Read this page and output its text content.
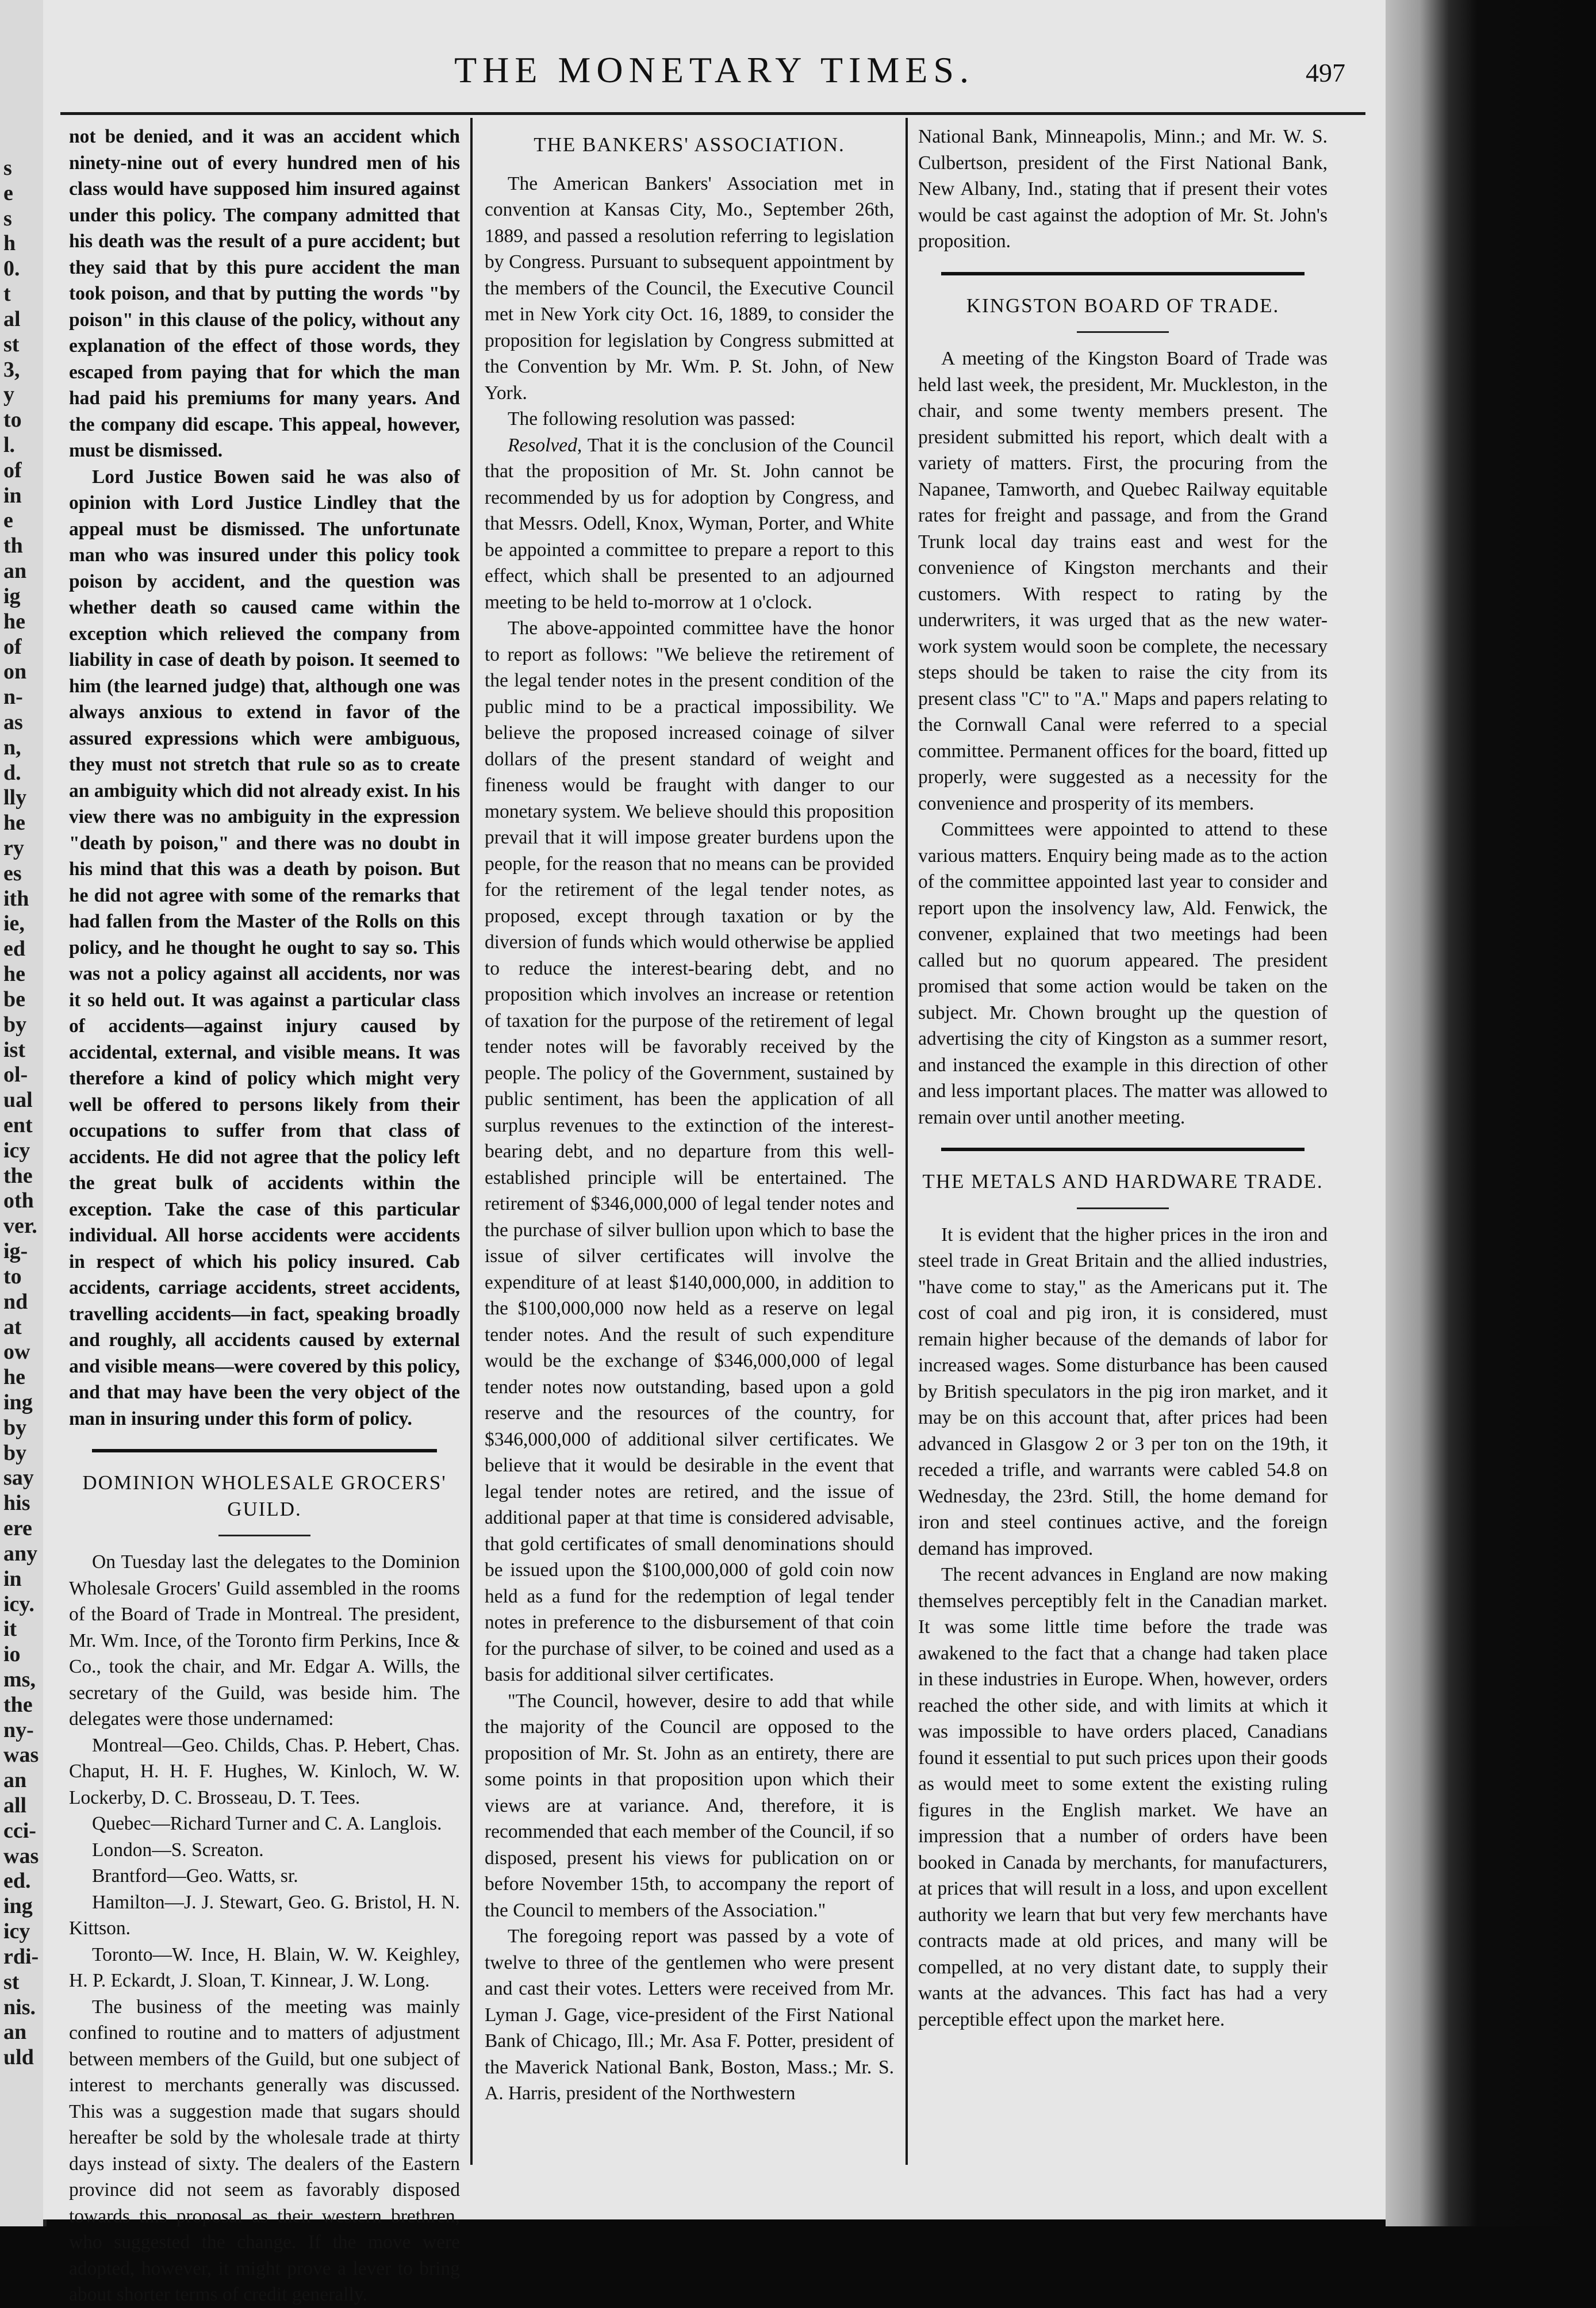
s
e
s
h
0.
t
al
st
3,
y
to
l.
of
in
e
th
an
ig
he
of
on
n-
as
n,
d.
lly
he
ry
es
ith
ie,
ed
he
be
by
ist
ol-
ual
ent
icy
the
oth
ver.
ig-
to
nd
at
ow
he
ing
by
by
say
his
ere
any
in
icy.
it
io
ms,
the
ny-
was
an
all
cci-
was
ed.
ing
icy
rdi-
st
nis.
an
uld
THE MONETARY TIMES.	497

not be denied, and it was an accident which ninety-nine out of every hundred men of his class would have supposed him insured against under this policy. The company admitted that his death was the result of a pure accident; but they said that by this pure accident the man took poison, and that by putting the words "by poison" in this clause of the policy, without any explanation of the effect of those words, they escaped from paying that for which the man had paid his premiums for many years. And the company did escape. This appeal, however, must be dismissed.

Lord Justice Bowen said he was also of opinion with Lord Justice Lindley that the appeal must be dismissed. The unfortunate man who was insured under this policy took poison by accident, and the question was whether death so caused came within the exception which relieved the company from liability in case of death by poison. It seemed to him (the learned judge) that, although one was always anxious to extend in favor of the assured expressions which were ambiguous, they must not stretch that rule so as to create an ambiguity which did not already exist. In his view there was no ambiguity in the expression "death by poison," and there was no doubt in his mind that this was a death by poison. But he did not agree with some of the remarks that had fallen from the Master of the Rolls on this policy, and he thought he ought to say so. This was not a policy against all accidents, nor was it so held out. It was against a particular class of accidents—against injury caused by accidental, external, and visible means. It was therefore a kind of policy which might very well be offered to persons likely from their occupations to suffer from that class of accidents. He did not agree that the policy left the great bulk of accidents within the exception. Take the case of this particular individual. All horse accidents were accidents in respect of which his policy insured. Cab accidents, carriage accidents, street accidents, travelling accidents—in fact, speaking broadly and roughly, all accidents caused by external and visible means—were covered by this policy, and that may have been the very object of the man in insuring under this form of policy.

DOMINION WHOLESALE GROCERS' GUILD.

On Tuesday last the delegates to the Dominion Wholesale Grocers' Guild assembled in the rooms of the Board of Trade in Montreal. The president, Mr. Wm. Ince, of the Toronto firm Perkins, Ince & Co., took the chair, and Mr. Edgar A. Wills, the secretary of the Guild, was beside him. The delegates were those undernamed:

Montreal—Geo. Childs, Chas. P. Hebert, Chas. Chaput, H. H. F. Hughes, W. Kinloch, W. W. Lockerby, D. C. Brosseau, D. T. Tees.

Quebec—Richard Turner and C. A. Langlois.

London—S. Screaton.

Brantford—Geo. Watts, sr.

Hamilton—J. J. Stewart, Geo. G. Bristol, H. N. Kittson.

Toronto—W. Ince, H. Blain, W. W. Keighley, H. P. Eckardt, J. Sloan, T. Kinnear, J. W. Long.

The business of the meeting was mainly confined to routine and to matters of adjustment between members of the Guild, but one subject of interest to merchants generally was discussed. This was a suggestion made that sugars should hereafter be sold by the wholesale trade at thirty days instead of sixty. The dealers of the Eastern province did not seem as favorably disposed towards this proposal as their western brethren, who suggested the change. If the move were adopted, however, it might prove a lever to bring about shorter terms of credit generally.

THE BANKERS' ASSOCIATION.

The American Bankers' Association met in convention at Kansas City, Mo., September 26th, 1889, and passed a resolution referring to legislation by Congress. Pursuant to subsequent appointment by the members of the Council, the Executive Council met in New York city Oct. 16, 1889, to consider the proposition for legislation by Congress submitted at the Convention by Mr. Wm. P. St. John, of New York.

The following resolution was passed:

Resolved, That it is the conclusion of the Council that the proposition of Mr. St. John cannot be recommended by us for adoption by Congress, and that Messrs. Odell, Knox, Wyman, Porter, and White be appointed a committee to prepare a report to this effect, which shall be presented to an adjourned meeting to be held to-morrow at 1 o'clock.

The above-appointed committee have the honor to report as follows: "We believe the retirement of the legal tender notes in the present condition of the public mind to be a practical impossibility. We believe the proposed increased coinage of silver dollars of the present standard of weight and fineness would be fraught with danger to our monetary system. We believe should this proposition prevail that it will impose greater burdens upon the people, for the reason that no means can be provided for the retirement of the legal tender notes, as proposed, except through taxation or by the diversion of funds which would otherwise be applied to reduce the interest-bearing debt, and no proposition which involves an increase or retention of taxation for the purpose of the retirement of legal tender notes will be favorably received by the people. The policy of the Government, sustained by public sentiment, has been the application of all surplus revenues to the extinction of the interest-bearing debt, and no departure from this well-established principle will be entertained. The retirement of $346,000,000 of legal tender notes and the purchase of silver bullion upon which to base the issue of silver certificates will involve the expenditure of at least $140,000,000, in addition to the $100,000,000 now held as a reserve on legal tender notes. And the result of such expenditure would be the exchange of $346,000,000 of legal tender notes now outstanding, based upon a gold reserve and the resources of the country, for $346,000,000 of additional silver certificates. We believe that it would be desirable in the event that legal tender notes are retired, and the issue of additional paper at that time is considered advisable, that gold certificates of small denominations should be issued upon the $100,000,000 of gold coin now held as a fund for the redemption of legal tender notes in preference to the disbursement of that coin for the purchase of silver, to be coined and used as a basis for additional silver certificates.

"The Council, however, desire to add that while the majority of the Council are opposed to the proposition of Mr. St. John as an entirety, there are some points in that proposition upon which their views are at variance. And, therefore, it is recommended that each member of the Council, if so disposed, present his views for publication on or before November 15th, to accompany the report of the Council to members of the Association."

The foregoing report was passed by a vote of twelve to three of the gentlemen who were present and cast their votes. Letters were received from Mr. Lyman J. Gage, vice-president of the First National Bank of Chicago, Ill.; Mr. Asa F. Potter, president of the Maverick National Bank, Boston, Mass.; Mr. S. A. Harris, president of the Northwestern

National Bank, Minneapolis, Minn.; and Mr. W. S. Culbertson, president of the First National Bank, New Albany, Ind., stating that if present their votes would be cast against the adoption of Mr. St. John's proposition.

KINGSTON BOARD OF TRADE.

A meeting of the Kingston Board of Trade was held last week, the president, Mr. Muckleston, in the chair, and some twenty members present. The president submitted his report, which dealt with a variety of matters. First, the procuring from the Napanee, Tamworth, and Quebec Railway equitable rates for freight and passage, and from the Grand Trunk local day trains east and west for the convenience of Kingston merchants and their customers. With respect to rating by the underwriters, it was urged that as the new water-work system would soon be complete, the necessary steps should be taken to raise the city from its present class "C" to "A." Maps and papers relating to the Cornwall Canal were referred to a special committee. Permanent offices for the board, fitted up properly, were suggested as a necessity for the convenience and prosperity of its members.

Committees were appointed to attend to these various matters. Enquiry being made as to the action of the committee appointed last year to consider and report upon the insolvency law, Ald. Fenwick, the convener, explained that two meetings had been called but no quorum appeared. The president promised that some action would be taken on the subject. Mr. Chown brought up the question of advertising the city of Kingston as a summer resort, and instanced the example in this direction of other and less important places. The matter was allowed to remain over until another meeting.

THE METALS AND HARDWARE TRADE.

It is evident that the higher prices in the iron and steel trade in Great Britain and the allied industries, "have come to stay," as the Americans put it. The cost of coal and pig iron, it is considered, must remain higher because of the demands of labor for increased wages. Some disturbance has been caused by British speculators in the pig iron market, and it may be on this account that, after prices had been advanced in Glasgow 2 or 3 per ton on the 19th, it receded a trifle, and warrants were cabled 54.8 on Wednesday, the 23rd. Still, the home demand for iron and steel continues active, and the foreign demand has improved.

The recent advances in England are now making themselves perceptibly felt in the Canadian market. It was some little time before the trade was awakened to the fact that a change had taken place in these industries in Europe. When, however, orders reached the other side, and with limits at which it was impossible to have orders placed, Canadians found it essential to put such prices upon their goods as would meet to some extent the existing ruling figures in the English market. We have an impression that a number of orders have been booked in Canada by merchants, for manufacturers, at prices that will result in a loss, and upon excellent authority we learn that but very few merchants have contracts made at old prices, and many will be compelled, at no very distant date, to supply their wants at the advances. This fact has had a very perceptible effect upon the market here.
